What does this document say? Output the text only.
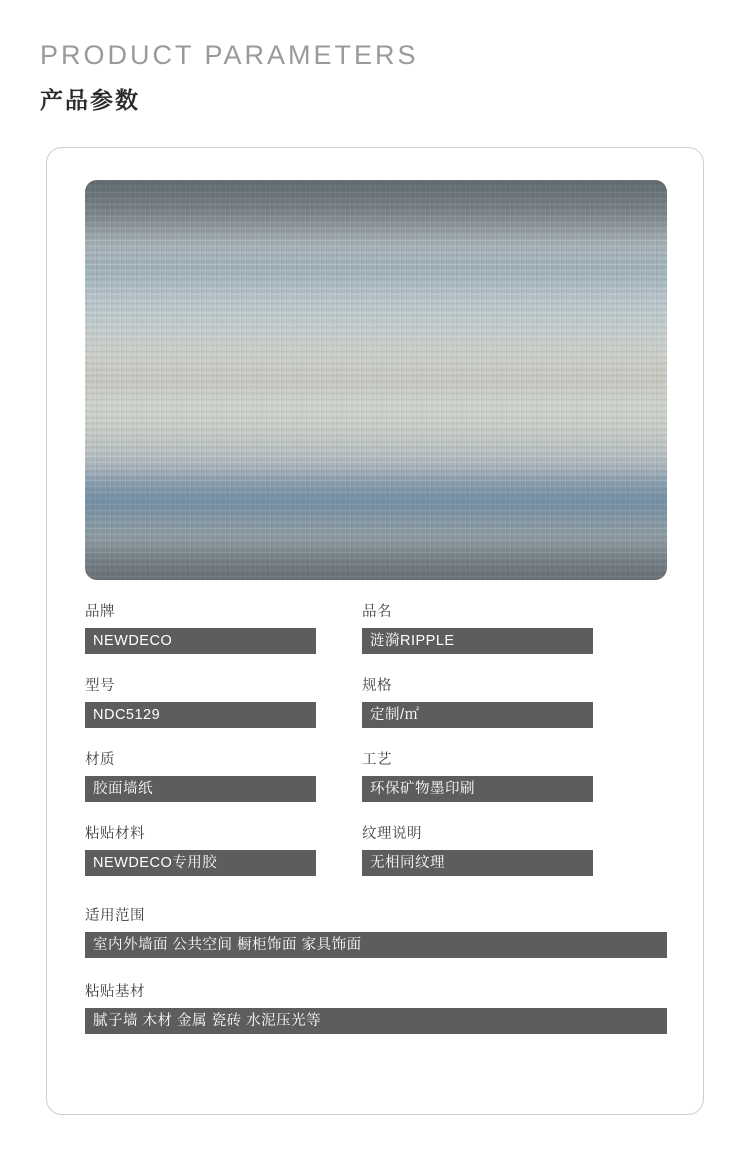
PRODUCT PARAMETERS
产品参数
品牌
NEWDECO
品名
涟漪RIPPLE
型号
NDC5129
规格
定制/㎡
材质
胶面墙纸
工艺
环保矿物墨印刷
粘贴材料
NEWDECO专用胶
纹理说明
无相同纹理
适用范围
室内外墙面 公共空间 橱柜饰面 家具饰面
粘贴基材
腻子墙 木材 金属 瓷砖 水泥压光等
